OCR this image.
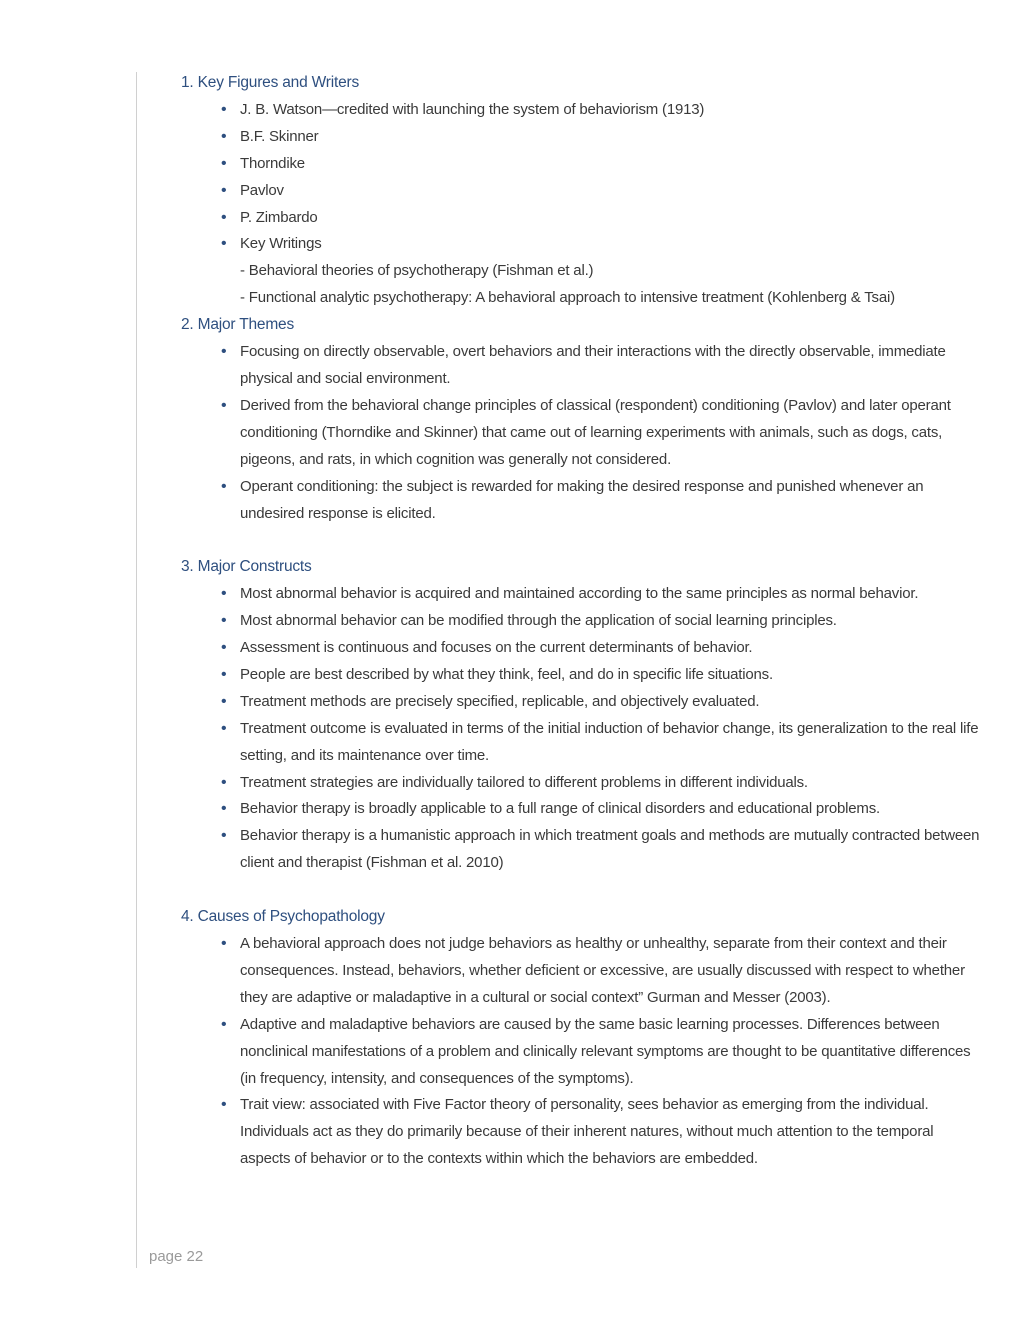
1. Key Figures and Writers
• J. B. Watson—credited with launching the system of behaviorism (1913)
• B.F. Skinner
• Thorndike
• Pavlov
• P. Zimbardo
• Key Writings
- Behavioral theories of psychotherapy (Fishman et al.)
- Functional analytic psychotherapy: A behavioral approach to intensive treatment (Kohlenberg & Tsai)
2. Major Themes
• Focusing on directly observable, overt behaviors and their interactions with the directly observable, immediate physical and social environment.
• Derived from the behavioral change principles of classical (respondent) conditioning (Pavlov) and later operant conditioning (Thorndike and Skinner) that came out of learning experiments with animals, such as dogs, cats, pigeons, and rats, in which cognition was generally not considered.
• Operant conditioning: the subject is rewarded for making the desired response and punished whenever an undesired response is elicited.
3. Major Constructs
• Most abnormal behavior is acquired and maintained according to the same principles as normal behavior.
• Most abnormal behavior can be modified through the application of social learning principles.
• Assessment is continuous and focuses on the current determinants of behavior.
• People are best described by what they think, feel, and do in specific life situations.
• Treatment methods are precisely specified, replicable, and objectively evaluated.
• Treatment outcome is evaluated in terms of the initial induction of behavior change, its generalization to the real life setting, and its maintenance over time.
• Treatment strategies are individually tailored to different problems in different individuals.
• Behavior therapy is broadly applicable to a full range of clinical disorders and educational problems.
• Behavior therapy is a humanistic approach in which treatment goals and methods are mutually contracted between client and therapist (Fishman et al. 2010)
4. Causes of Psychopathology
• A behavioral approach does not judge behaviors as healthy or unhealthy, separate from their context and their consequences. Instead, behaviors, whether deficient or excessive, are usually discussed with respect to whether they are adaptive or maladaptive in a cultural or social context” Gurman and Messer (2003).
• Adaptive and maladaptive behaviors are caused by the same basic learning processes. Differences between nonclinical manifestations of a problem and clinically relevant symptoms are thought to be quantitative differences (in frequency, intensity, and consequences of the symptoms).
• Trait view: associated with Five Factor theory of personality, sees behavior as emerging from the individual. Individuals act as they do primarily because of their inherent natures, without much attention to the temporal aspects of behavior or to the contexts within which the behaviors are embedded.
page 22
